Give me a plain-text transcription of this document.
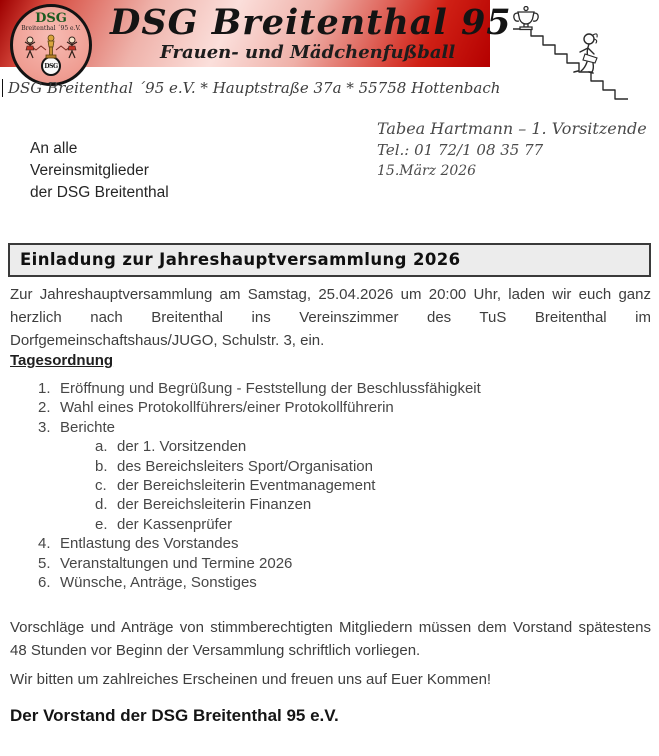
DSG Breitenthal 95
Frauen- und Mädchenfußball
DSG
Breitenthal ´95 e.V.
DSG
DSG Breitenthal ´95 e.V. * Hauptstraße 37a * 55758 Hottenbach
An alle
Vereinsmitglieder
der DSG Breitenthal
Tabea Hartmann – 1. Vorsitzende
Tel.: 01 72/1 08 35 77
15.März 2026
Einladung zur Jahreshauptversammlung 2026
Zur Jahreshauptversammlung am Samstag, 25.04.2026 um 20:00 Uhr, laden wir euch ganz herzlich nach Breitenthal ins Vereinszimmer des TuS Breitenthal im Dorfgemeinschaftshaus/JUGO, Schulstr. 3, ein.
Tagesordnung
1. Eröffnung und Begrüßung - Feststellung der Beschlussfähigkeit
2. Wahl eines Protokollführers/einer Protokollführerin
3. Berichte
a. der 1. Vorsitzenden
b. des Bereichsleiters Sport/Organisation
c. der Bereichsleiterin Eventmanagement
d. der Bereichsleiterin Finanzen
e. der Kassenprüfer
4. Entlastung des Vorstandes
5. Veranstaltungen und Termine 2026
6. Wünsche, Anträge, Sonstiges
Vorschläge und Anträge von stimmberechtigten Mitgliedern müssen dem Vorstand spätestens 48 Stunden vor Beginn der Versammlung schriftlich vorliegen.
Wir bitten um zahlreiches Erscheinen und freuen uns auf Euer Kommen!
Der Vorstand der DSG Breitenthal 95 e.V.
